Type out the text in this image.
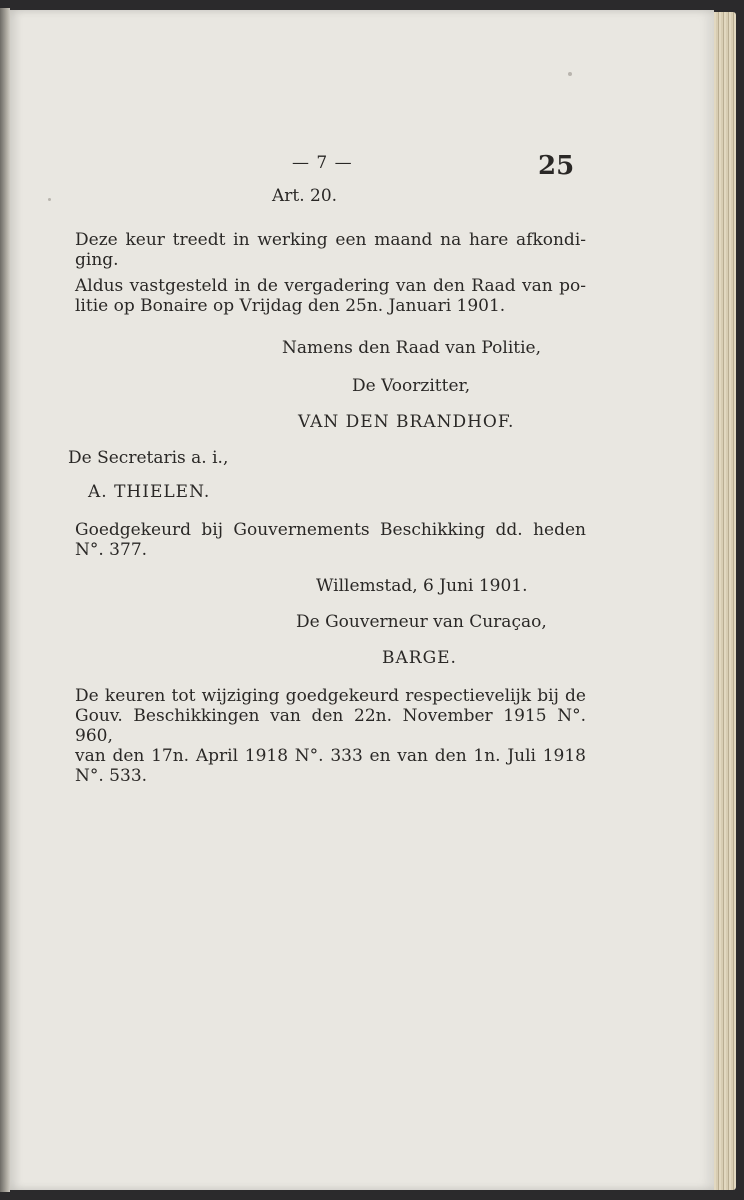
— 7 —	25
Art. 20.
Deze keur treedt in werking een maand na hare afkondi-
ging.
Aldus vastgesteld in de vergadering van den Raad van po-
litie op Bonaire op Vrijdag den 25n. Januari 1901.
Namens den Raad van Politie,
De Voorzitter,
VAN DEN BRANDHOF.
De Secretaris a. i.,
A. THIELEN.
Goedgekeurd bij Gouvernements Beschikking dd. heden
N°. 377.
Willemstad, 6 Juni 1901.
De Gouverneur van Curaçao,
BARGE.
De keuren tot wijziging goedgekeurd respectievelijk bij de
Gouv. Beschikkingen van den 22n. November 1915 N°. 960,
van den 17n. April 1918 N°. 333 en van den 1n. Juli 1918
N°. 533.
